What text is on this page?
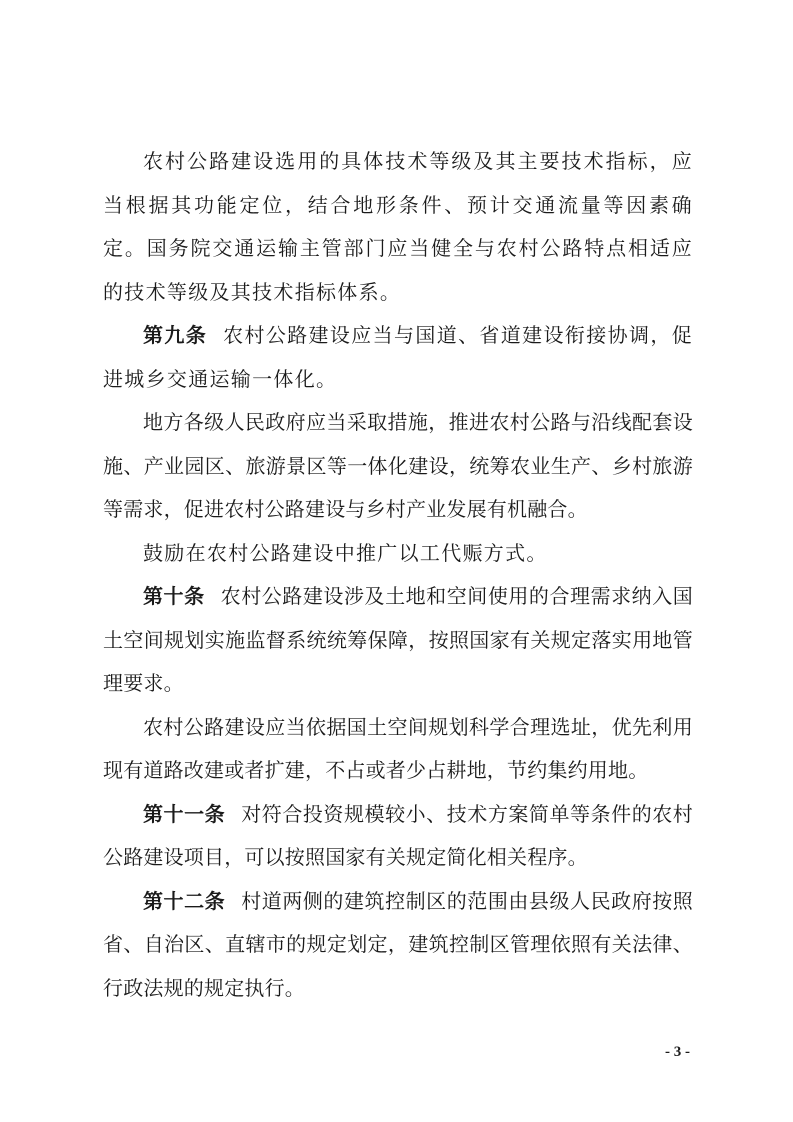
农村公路建设选用的具体技术等级及其主要技术指标，应当根据其功能定位，结合地形条件、预计交通流量等因素确定。国务院交通运输主管部门应当健全与农村公路特点相适应的技术等级及其技术指标体系。

第九条 农村公路建设应当与国道、省道建设衔接协调，促进城乡交通运输一体化。

地方各级人民政府应当采取措施，推进农村公路与沿线配套设施、产业园区、旅游景区等一体化建设，统筹农业生产、乡村旅游等需求，促进农村公路建设与乡村产业发展有机融合。

鼓励在农村公路建设中推广以工代赈方式。

第十条 农村公路建设涉及土地和空间使用的合理需求纳入国土空间规划实施监督系统统筹保障，按照国家有关规定落实用地管理要求。

农村公路建设应当依据国土空间规划科学合理选址，优先利用现有道路改建或者扩建，不占或者少占耕地，节约集约用地。

第十一条 对符合投资规模较小、技术方案简单等条件的农村公路建设项目，可以按照国家有关规定简化相关程序。

第十二条 村道两侧的建筑控制区的范围由县级人民政府按照省、自治区、直辖市的规定划定，建筑控制区管理依照有关法律、行政法规的规定执行。

- 3 -
